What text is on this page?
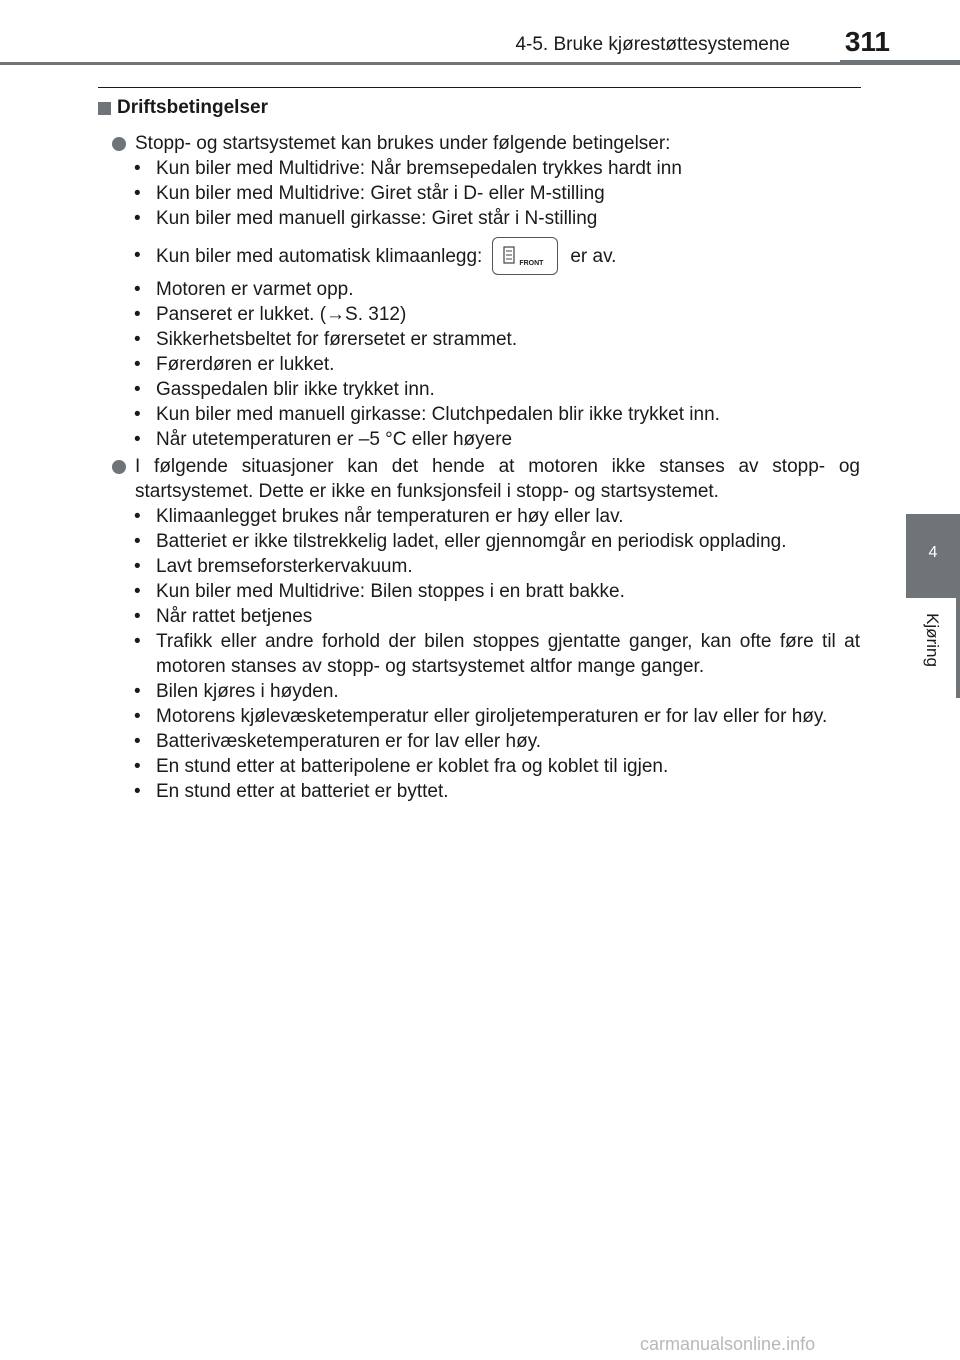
4-5. Bruke kjørestøttesystemene 311
4
Kjøring
Driftsbetingelser
Stopp- og startsystemet kan brukes under følgende betingelser:
• Kun biler med Multidrive: Når bremsepedalen trykkes hardt inn
• Kun biler med Multidrive: Giret står i D- eller M-stilling
• Kun biler med manuell girkasse: Giret står i N-stilling
• Kun biler med automatisk klimaanlegg:	FRONT er av.
• Motoren er varmet opp.
• Panseret er lukket. (→S. 312)
• Sikkerhetsbeltet for førersetet er strammet.
• Førerdøren er lukket.
• Gasspedalen blir ikke trykket inn.
• Kun biler med manuell girkasse: Clutchpedalen blir ikke trykket inn.
• Når utetemperaturen er –5 °C eller høyere
I følgende situasjoner kan det hende at motoren ikke stanses av stopp- og startsystemet. Dette er ikke en funksjonsfeil i stopp- og startsystemet.
• Klimaanlegget brukes når temperaturen er høy eller lav.
• Batteriet er ikke tilstrekkelig ladet, eller gjennomgår en periodisk opplading.
• Lavt bremseforsterkervakuum.
• Kun biler med Multidrive: Bilen stoppes i en bratt bakke.
• Når rattet betjenes
• Trafikk eller andre forhold der bilen stoppes gjentatte ganger, kan ofte føre til at motoren stanses av stopp- og startsystemet altfor mange ganger.
• Bilen kjøres i høyden.
• Motorens kjølevæsketemperatur eller giroljetemperaturen er for lav eller for høy.
• Batterivæsketemperaturen er for lav eller høy.
• En stund etter at batteripolene er koblet fra og koblet til igjen.
• En stund etter at batteriet er byttet.
carmanualsonline.info
